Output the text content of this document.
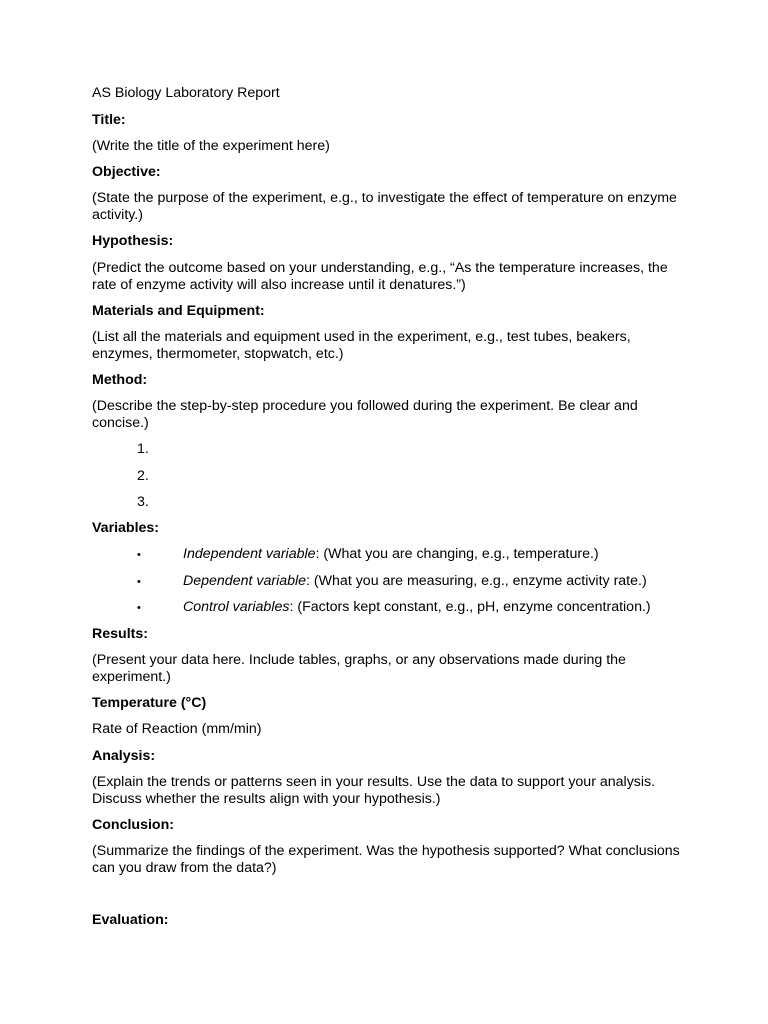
AS Biology Laboratory Report
Title:
(Write the title of the experiment here)
Objective:
(State the purpose of the experiment, e.g., to investigate the effect of temperature on enzyme activity.)
Hypothesis:
(Predict the outcome based on your understanding, e.g., “As the temperature increases, the rate of enzyme activity will also increase until it denatures.”)
Materials and Equipment:
(List all the materials and equipment used in the experiment, e.g., test tubes, beakers, enzymes, thermometer, stopwatch, etc.)
Method:
(Describe the step-by-step procedure you followed during the experiment. Be clear and concise.)
1.
2.
3.
Variables:
•	Independent variable: (What you are changing, e.g., temperature.)
•	Dependent variable: (What you are measuring, e.g., enzyme activity rate.)
•	Control variables: (Factors kept constant, e.g., pH, enzyme concentration.)
Results:
(Present your data here. Include tables, graphs, or any observations made during the experiment.)
Temperature (°C)
Rate of Reaction (mm/min)
Analysis:
(Explain the trends or patterns seen in your results. Use the data to support your analysis. Discuss whether the results align with your hypothesis.)
Conclusion:
(Summarize the findings of the experiment. Was the hypothesis supported? What conclusions can you draw from the data?)
Evaluation:
